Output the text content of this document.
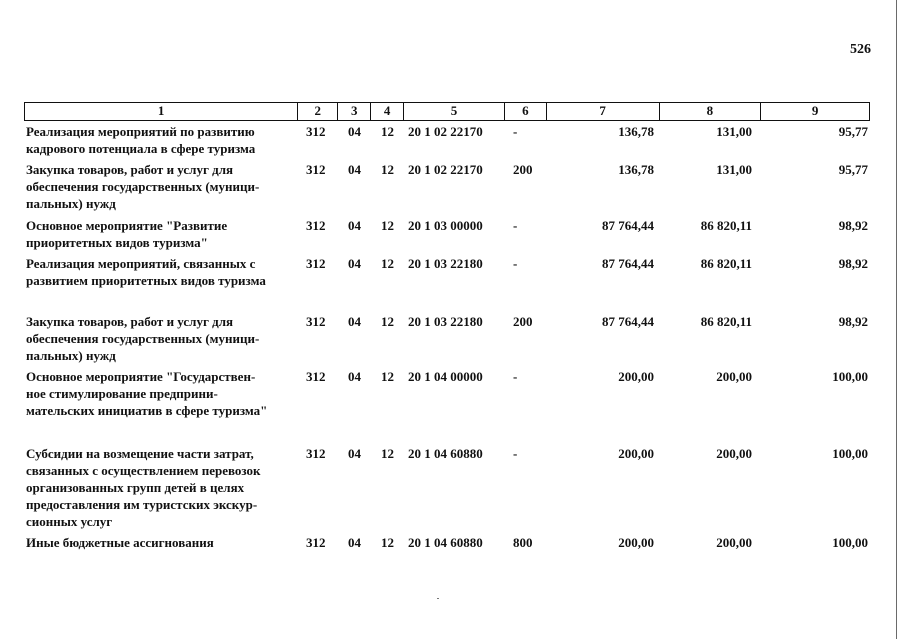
526
1	2	3	4	5	6	7	8	9
Реализация мероприятий по развитию
кадрового потенциала в сфере туризма
312	04	12	20 1 02 22170	-	136,78	131,00	95,77
Закупка товаров, работ и услуг для
обеспечения государственных (муници-
пальных) нужд
312	04	12	20 1 02 22170	200	136,78	131,00	95,77
Основное мероприятие "Развитие
приоритетных видов туризма"
312	04	12	20 1 03 00000	-	87 764,44	86 820,11	98,92
Реализация мероприятий, связанных с
развитием приоритетных видов туризма
312	04	12	20 1 03 22180	-	87 764,44	86 820,11	98,92
Закупка товаров, работ и услуг для
обеспечения государственных (муници-
пальных) нужд
312	04	12	20 1 03 22180	200	87 764,44	86 820,11	98,92
Основное мероприятие "Государствен-
ное стимулирование предприни-
мательских инициатив в сфере туризма"
312	04	12	20 1 04 00000	-	200,00	200,00	100,00
Субсидии на возмещение части затрат,
связанных с осуществлением перевозок
организованных групп детей в целях
предоставления им туристских экскур-
сионных услуг
312	04	12	20 1 04 60880	-	200,00	200,00	100,00
Иные бюджетные ассигнования	312	04	12	20 1 04 60880	800	200,00	200,00	100,00
